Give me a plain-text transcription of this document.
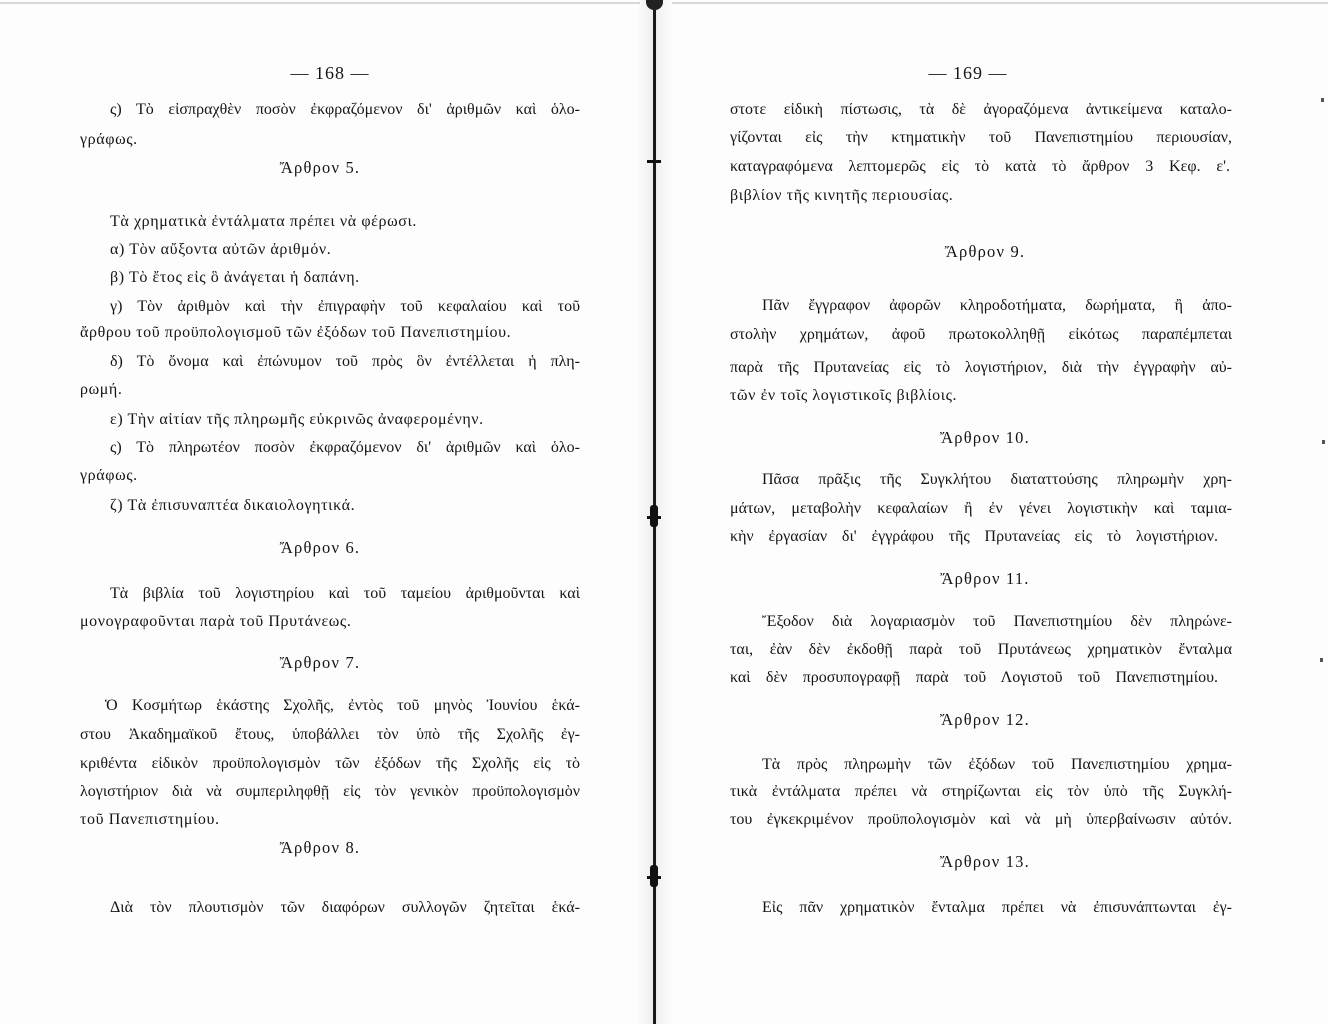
— 168 —
ς) Τὸ εἰσπραχθὲν ποσὸν ἐκφραζόμενον δι' ἀριθμῶν καὶ ὁλο-
γράφως.
Ἄρθρον 5.
Τὰ χρηματικὰ ἐντάλματα πρέπει νὰ φέρωσι.
α) Τὸν αὔξοντα αὐτῶν ἀριθμόν.
β) Τὸ ἔτος εἰς ὃ ἀνάγεται ἡ δαπάνη.
γ) Τὸν ἀριθμὸν καὶ τὴν ἐπιγραφὴν τοῦ κεφαλαίου καὶ τοῦ
ἄρθρου τοῦ προϋπολογισμοῦ τῶν ἐξόδων τοῦ Πανεπιστημίου.
δ) Τὸ ὄνομα καὶ ἐπώνυμον τοῦ πρὸς ὃν ἐντέλλεται ἡ πλη-
ρωμή.
ε) Τὴν αἰτίαν τῆς πληρωμῆς εὐκρινῶς ἀναφερομένην.
ς) Τὸ πληρωτέον ποσὸν ἐκφραζόμενον δι' ἀριθμῶν καὶ ὁλο-
γράφως.
ζ) Τὰ ἐπισυναπτέα δικαιολογητικά.
Ἄρθρον 6.
Τὰ βιβλία τοῦ λογιστηρίου καὶ τοῦ ταμείου ἀριθμοῦνται καὶ
μονογραφοῦνται παρὰ τοῦ Πρυτάνεως.
Ἄρθρον 7.
Ὁ Κοσμήτωρ ἑκάστης Σχολῆς, ἐντὸς τοῦ μηνὸς Ἰουνίου ἑκά-
στου Ἀκαδημαϊκοῦ ἔτους, ὑποβάλλει τὸν ὑπὸ τῆς Σχολῆς ἐγ-
κριθέντα εἰδικὸν προϋπολογισμὸν τῶν ἐξόδων τῆς Σχολῆς εἰς τὸ
λογιστήριον διὰ νὰ συμπεριληφθῇ εἰς τὸν γενικὸν προϋπολογισμὸν
τοῦ Πανεπιστημίου.
Ἄρθρον 8.
Διὰ τὸν πλουτισμὸν τῶν διαφόρων συλλογῶν ζητεῖται ἑκά-
— 169 —
στοτε εἰδικὴ πίστωσις, τὰ δὲ ἀγοραζόμενα ἀντικείμενα καταλο-
γίζονται εἰς τὴν κτηματικὴν τοῦ Πανεπιστημίου περιουσίαν,
καταγραφόμενα λεπτομερῶς εἰς τὸ κατὰ τὸ ἄρθρον 3 Κεφ. ε'.
βιβλίον τῆς κινητῆς περιουσίας.
Ἄρθρον 9.
Πᾶν ἔγγραφον ἀφορῶν κληροδοτήματα, δωρήματα, ἢ ἀπο-
στολὴν χρημάτων, ἀφοῦ πρωτοκολληθῇ εἰκότως παραπέμπεται
παρὰ τῆς Πρυτανείας εἰς τὸ λογιστήριον, διὰ τὴν ἐγγραφὴν αὐ-
τῶν ἐν τοῖς λογιστικοῖς βιβλίοις.
Ἄρθρον 10.
Πᾶσα πρᾶξις τῆς Συγκλήτου διαταττούσης πληρωμὴν χρη-
μάτων, μεταβολὴν κεφαλαίων ἢ ἐν γένει λογιστικὴν καὶ ταμια-
κὴν ἐργασίαν δι' ἐγγράφου τῆς Πρυτανείας εἰς τὸ λογιστήριον.
Ἄρθρον 11.
Ἔξοδον διὰ λογαριασμὸν τοῦ Πανεπιστημίου δὲν πληρώνε-
ται, ἐὰν δὲν ἐκδοθῇ παρὰ τοῦ Πρυτάνεως χρηματικὸν ἔνταλμα
καὶ δὲν προσυπογραφῇ παρὰ τοῦ Λογιστοῦ τοῦ Πανεπιστημίου.
Ἄρθρον 12.
Τὰ πρὸς πληρωμὴν τῶν ἐξόδων τοῦ Πανεπιστημίου χρημα-
τικὰ ἐντάλματα πρέπει νὰ στηρίζωνται εἰς τὸν ὑπὸ τῆς Συγκλή-
του ἐγκεκριμένον προϋπολογισμὸν καὶ νὰ μὴ ὑπερβαίνωσιν αὐτόν.
Ἄρθρον 13.
Εἰς πᾶν χρηματικὸν ἔνταλμα πρέπει νὰ ἐπισυνάπτωνται ἐγ-
